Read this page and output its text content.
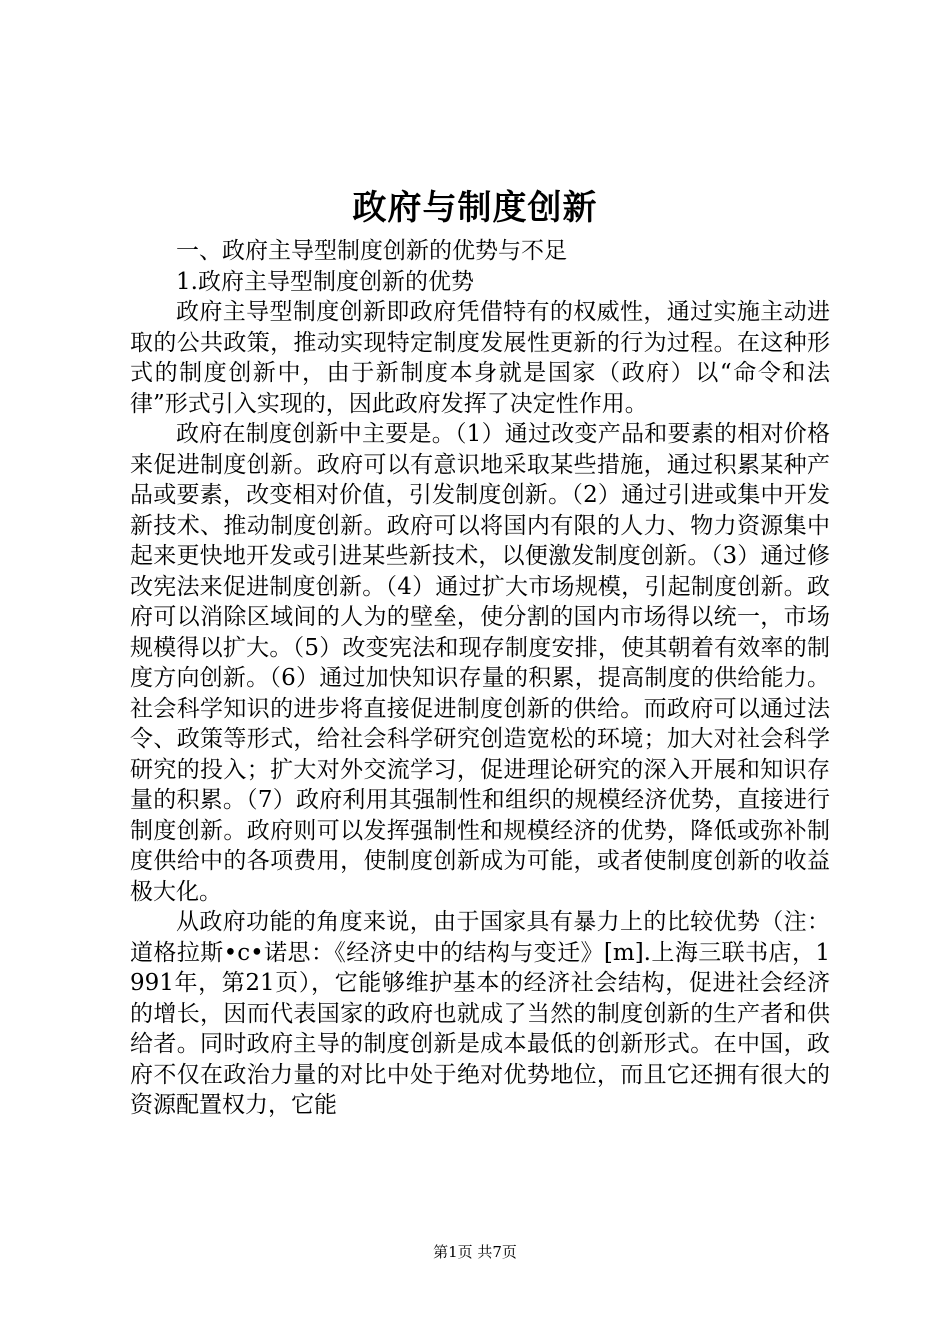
政府与制度创新

一、政府主导型制度创新的优势与不足

1.政府主导型制度创新的优势

政府主导型制度创新即政府凭借特有的权威性，通过实施主动进取的公共政策，推动实现特定制度发展性更新的行为过程。在这种形式的制度创新中，由于新制度本身就是国家（政府）以“命令和法律”形式引入实现的，因此政府发挥了决定性作用。

政府在制度创新中主要是。（1）通过改变产品和要素的相对价格来促进制度创新。政府可以有意识地采取某些措施，通过积累某种产品或要素，改变相对价值，引发制度创新。（2）通过引进或集中开发新技术、推动制度创新。政府可以将国内有限的人力、物力资源集中起来更快地开发或引进某些新技术，以便激发制度创新。（3）通过修改宪法来促进制度创新。（4）通过扩大市场规模，引起制度创新。政府可以消除区域间的人为的壁垒，使分割的国内市场得以统一，市场规模得以扩大。（5）改变宪法和现存制度安排，使其朝着有效率的制度方向创新。（6）通过加快知识存量的积累，提高制度的供给能力。社会科学知识的进步将直接促进制度创新的供给。而政府可以通过法令、政策等形式，给社会科学研究创造宽松的环境；加大对社会科学研究的投入；扩大对外交流学习，促进理论研究的深入开展和知识存量的积累。（7）政府利用其强制性和组织的规模经济优势，直接进行制度创新。政府则可以发挥强制性和规模经济的优势，降低或弥补制度供给中的各项费用，使制度创新成为可能，或者使制度创新的收益极大化。

从政府功能的角度来说，由于国家具有暴力上的比较优势（注：道格拉斯•c•诺思：《经济史中的结构与变迁》[m].上海三联书店，1991年，第21页），它能够维护基本的经济社会结构，促进社会经济的增长，因而代表国家的政府也就成了当然的制度创新的生产者和供给者。同时政府主导的制度创新是成本最低的创新形式。在中国，政府不仅在政治力量的对比中处于绝对优势地位，而且它还拥有很大的资源配置权力，它能

第1页 共7页
